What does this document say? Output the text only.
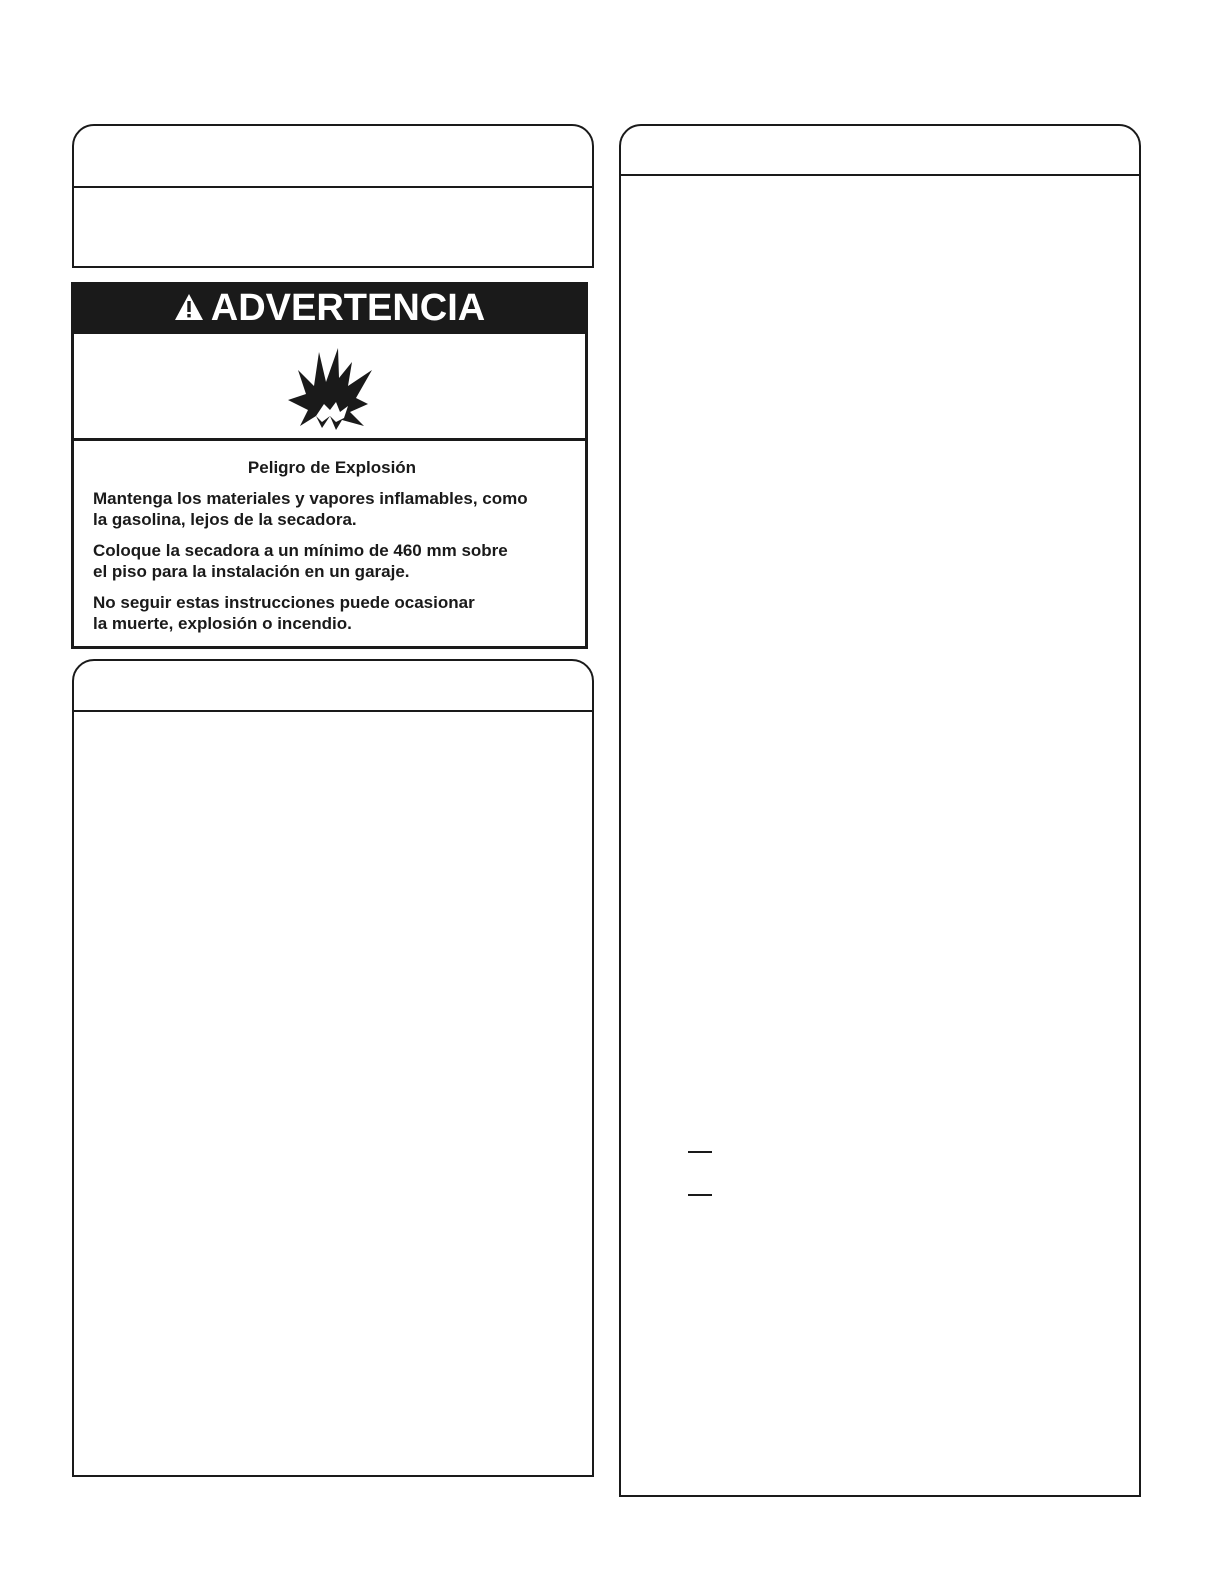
ADVERTENCIA
Peligro de Explosión
Mantenga los materiales y vapores inflamables, como
la gasolina, lejos de la secadora.
Coloque la secadora a un mínimo de 460 mm sobre
el piso para la instalación en un garaje.
No seguir estas instrucciones puede ocasionar
la muerte, explosión o incendio.
